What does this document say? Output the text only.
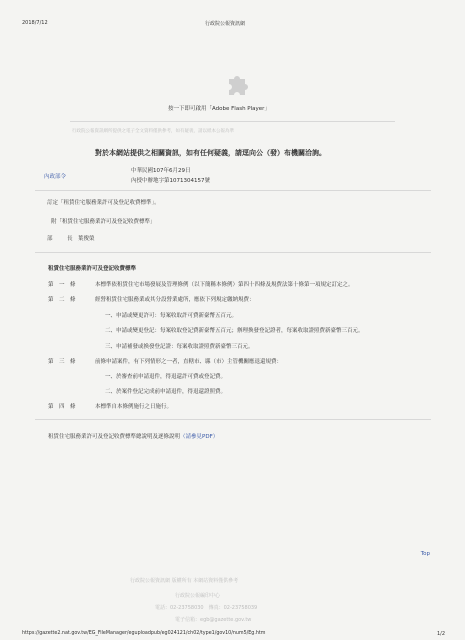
2018/7/12	行政院公報資訊網
按一下即可啟用「Adobe Flash Player」
行政院公報資訊網所提供之電子全文資料僅供參考，如有疑義，請以紙本公報為準
對於本網站提供之相關資訊，如有任何疑義，請逕向公（發）布機關洽詢。
內政部令
中華民國107年6月29日
內授中辦地字第1071304157號
訂定「租賃住宅服務業許可及登記收費標準」。
附「租賃住宅服務業許可及登記收費標準」
部	長　葉俊榮
租賃住宅服務業許可及登記收費標準
第　一　條	本標準依租賃住宅市場發展及管理條例（以下簡稱本條例）第四十四條及規費法第十條第一項規定訂定之。
第　二　條	經營租賃住宅服務業或其分設營業處所，應依下列規定繳納規費：
一、申請或變更許可：每案收取許可費新臺幣五百元。
二、申請或變更登記：每案收取登記費新臺幣五百元；辦理換發登記證者，每案收取證照費新臺幣三百元。
三、申請補發或換發登記證：每案收取證照費新臺幣三百元。
第　三　條	前條申請案件，有下列情形之一者，直轄市、縣（市）主管機關應退還規費：
一、於審查前申請退件，得退還許可費或登記費。
二、於案件登記完成前申請退件，得退還證照費。
第　四　條	本標準自本條例施行之日施行。
租賃住宅服務業許可及登記收費標準總說明及逐條說明（請參見PDF）
Top
行政院公報資訊網 版權所有 本網站資料僅供參考
行政院公報編印中心
電話：02-23758030　傳真：02-23758039
電子信箱：egb@gazette.gov.tw
https://gazette2.nat.gov.tw/EG_FileManager/eguploadpub/eg024121/ch02/type1/gov10/num5/Eg.htm	1/2
